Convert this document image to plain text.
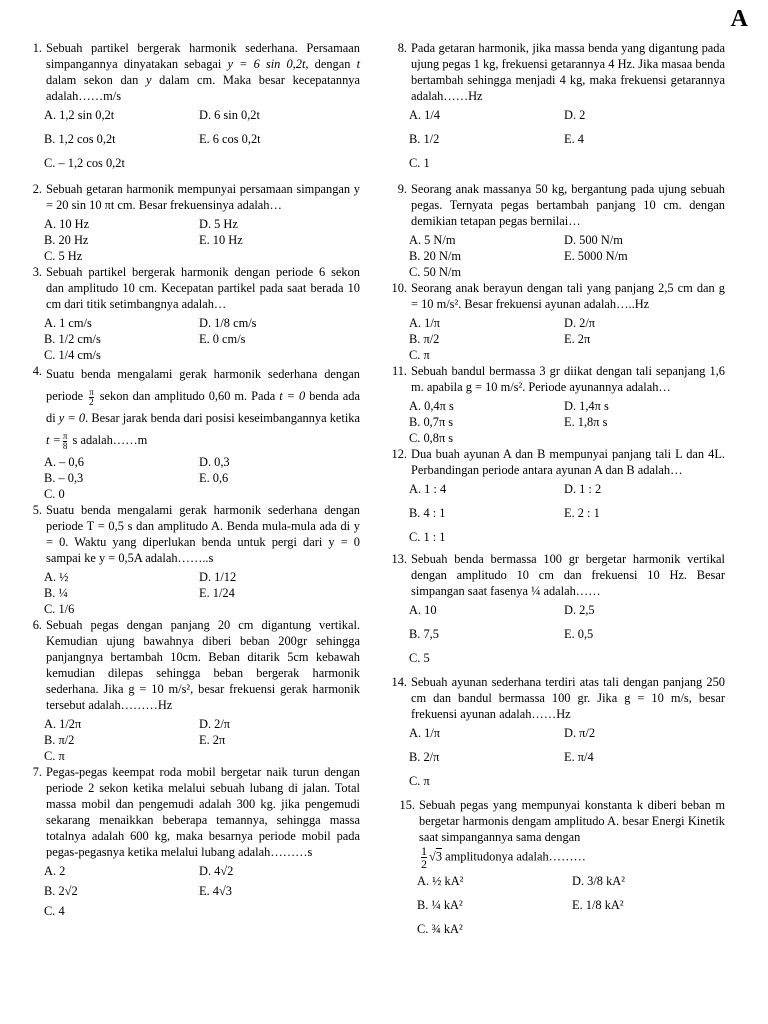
A
1. Sebuah partikel bergerak harmonik sederhana. Persamaan simpangannya dinyatakan sebagai y = 6 sin 0,2t, dengan t dalam sekon dan y dalam cm. Maka besar kecepatannya adalah……m/s
A. 1,2 sin 0,2t	D. 6 sin 0,2t
B. 1,2 cos 0,2t	E. 6 cos 0,2t
C. – 1,2 cos 0,2t
2. Sebuah getaran harmonik mempunyai persamaan simpangan y = 20 sin 10 πt cm. Besar frekuensinya adalah…
A. 10 Hz	D. 5 Hz
B. 20 Hz	E. 10 Hz
C. 5 Hz
3. Sebuah partikel bergerak harmonik dengan periode 6 sekon dan amplitudo 10 cm. Kecepatan partikel pada saat berada 10 cm dari titik setimbangnya adalah…
A. 1 cm/s	D. 1/8 cm/s
B. 1/2 cm/s	E. 0 cm/s
C. 1/4 cm/s
4. Suatu benda mengalami gerak harmonik sederhana dengan periode $\frac{\pi}{2}$ sekon dan amplitudo 0,60 m. Pada t = 0 benda ada di y = 0. Besar jarak benda dari posisi keseimbangannya ketika $t = \frac{\pi}{8}$ s adalah……m
A. – 0,6	D. 0,3
B. – 0,3	E. 0,6
C. 0
5. Suatu benda mengalami gerak harmonik sederhana dengan periode T = 0,5 s dan amplitudo A. Benda mula-mula ada di y = 0. Waktu yang diperlukan benda untuk pergi dari y = 0 sampai ke y = 0,5A adalah……..s
A. ½	D. 1/12
B. ¼	E. 1/24
C. 1/6
6. Sebuah pegas dengan panjang 20 cm digantung vertikal. Kemudian ujung bawahnya diberi beban 200gr sehingga panjangnya bertambah 10cm. Beban ditarik 5cm kebawah kemudian dilepas sehingga beban bergerak harmonik sederhana. Jika g = 10 m/s², besar frekuensi gerak harmonik tersebut adalah………Hz
A. 1/2π	D. 2/π
B. π/2	E. 2π
C. π
7. Pegas-pegas keempat roda mobil bergetar naik turun dengan periode 2 sekon ketika melalui sebuah lubang di jalan. Total massa mobil dan pengemudi adalah 300 kg. jika pengemudi sekarang menaikkan beberapa temannya, sehingga massa totalnya adalah 600 kg, maka besarnya periode mobil pada pegas-pegasnya ketika melalui lubang adalah………s
A. 2	D. 4√2
B. 2√2	E. 4√3
C. 4
8. Pada getaran harmonik, jika massa benda yang digantung pada ujung pegas 1 kg, frekuensi getarannya 4 Hz. Jika masaa benda bertambah sehingga menjadi 4 kg, maka frekuensi getarannya adalah……Hz
A. 1/4	D. 2
B. 1/2	E. 4
C. 1
9. Seorang anak massanya 50 kg, bergantung pada ujung sebuah pegas. Ternyata pegas bertambah panjang 10 cm. dengan demikian tetapan pegas bernilai…
A. 5 N/m	D. 500 N/m
B. 20 N/m	E. 5000 N/m
C. 50 N/m
10. Seorang anak berayun dengan tali yang panjang 2,5 cm dan g = 10 m/s². Besar frekuensi ayunan adalah…..Hz
A. 1/π	D. 2/π
B. π/2	E. 2π
C. π
11. Sebuah bandul bermassa 3 gr diikat dengan tali sepanjang 1,6 m. apabila g = 10 m/s². Periode ayunannya adalah…
A. 0,4π s	D. 1,4π s
B. 0,7π s	E. 1,8π s
C. 0,8π s
12. Dua buah ayunan A dan B mempunyai panjang tali L dan 4L. Perbandingan periode antara ayunan A dan B adalah…
A. 1 : 4	D. 1 : 2
B. 4 : 1	E. 2 : 1
C. 1 : 1
13. Sebuah benda bermassa 100 gr bergetar harmonik vertikal dengan amplitudo 10 cm dan frekuensi 10 Hz. Besar simpangan saat fasenya ¼ adalah……
A. 10	D. 2,5
B. 7,5	E. 0,5
C. 5
14. Sebuah ayunan sederhana terdiri atas tali dengan panjang 250 cm dan bandul bermassa 100 gr. Jika g = 10 m/s, besar frekuensi ayunan adalah……Hz
A. 1/π	D. π/2
B. 2/π	E. π/4
C. π
15. Sebuah pegas yang mempunyai konstanta k diberi beban m bergetar harmonis dengam amplitudo A. besar Energi Kinetik saat simpangannya sama dengan

$\frac{1}{2} √3$ amplitudonya adalah………
A. ½ kA²	D. 3/8 kA²
B. ¼ kA²	E. 1/8 kA²
C. ¾ kA²
